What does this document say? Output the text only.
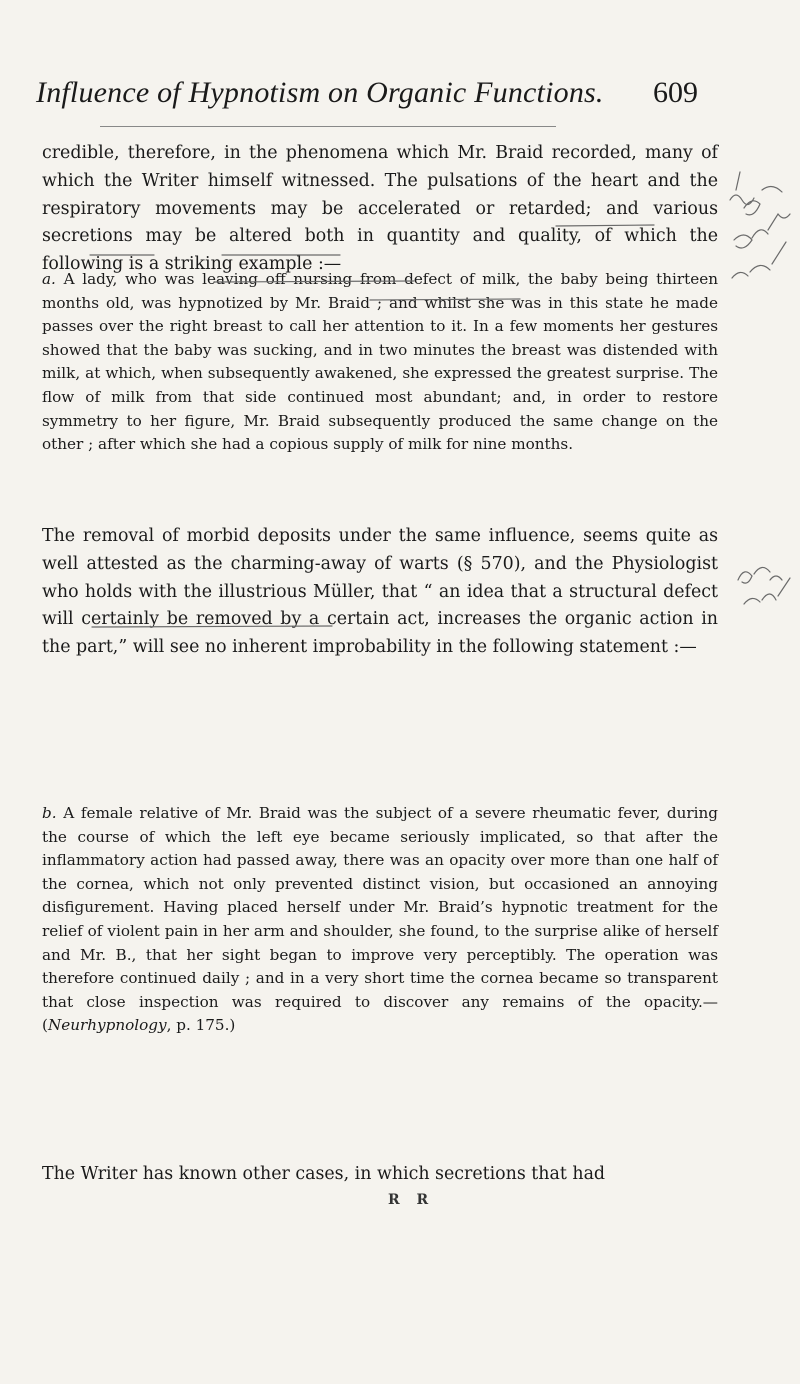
Influence of Hypnotism on Organic Functions. 609

credible, therefore, in the phenomena which Mr. Braid recorded, many of which the Writer himself witnessed. The pulsations of the heart and the respiratory movements may be accelerated or retarded; and various secretions may be altered both in quantity and quality, of which the following is a striking example :—

a. A lady, who was leaving off nursing from defect of milk, the baby being thirteen months old, was hypnotized by Mr. Braid ; and whilst she was in this state he made passes over the right breast to call her attention to it. In a few moments her gestures showed that the baby was sucking, and in two minutes the breast was distended with milk, at which, when subsequently awakened, she expressed the greatest surprise. The flow of milk from that side continued most abundant; and, in order to restore symmetry to her figure, Mr. Braid subsequently produced the same change on the other ; after which she had a copious supply of milk for nine months.

The removal of morbid deposits under the same influence, seems quite as well attested as the charming-away of warts (§ 570), and the Physiologist who holds with the illustrious Müller, that “ an idea that a structural defect will certainly be removed by a certain act, increases the organic action in the part,” will see no inherent improbability in the following statement :—

b. A female relative of Mr. Braid was the subject of a severe rheumatic fever, during the course of which the left eye became seriously implicated, so that after the inflammatory action had passed away, there was an opacity over more than one half of the cornea, which not only prevented distinct vision, but occasioned an annoying disfigurement. Having placed herself under Mr. Braid’s hypnotic treatment for the relief of violent pain in her arm and shoulder, she found, to the surprise alike of herself and Mr. B., that her sight began to improve very perceptibly. The operation was therefore continued daily ; and in a very short time the cornea became so transparent that close inspection was required to discover any remains of the opacity.—(Neurhypnology, p. 175.)

The Writer has known other cases, in which secretions that had

R R
